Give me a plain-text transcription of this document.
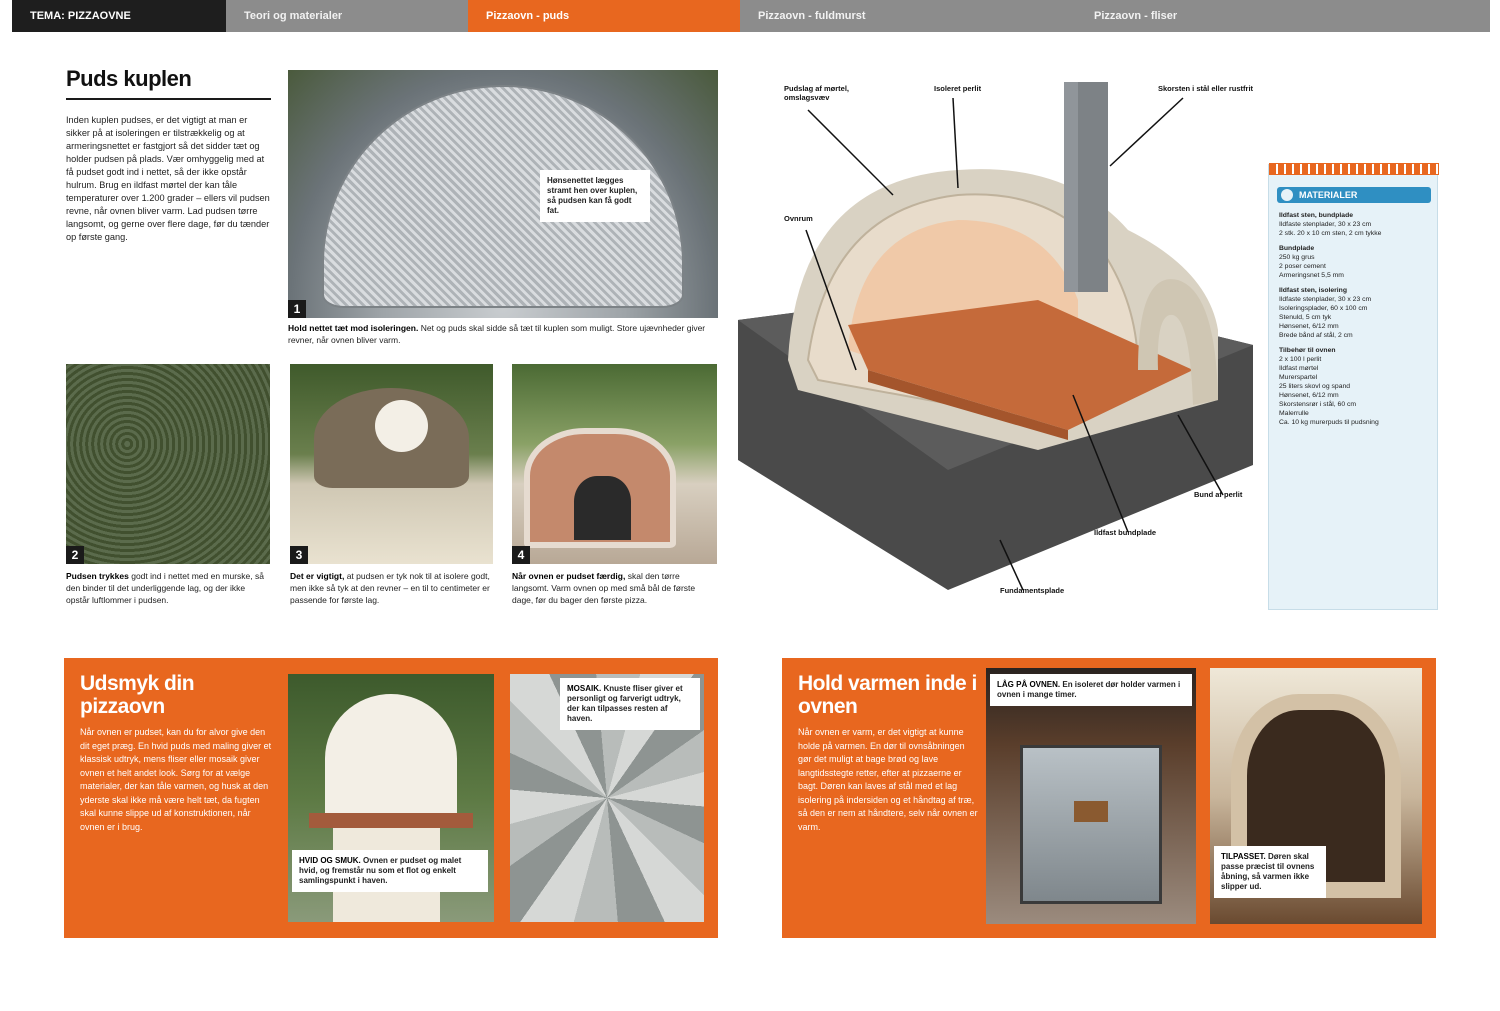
TEMA: PIZZAOVNE	Teori og materialer	Pizzaovn - puds	Pizzaovn - fuldmurst	Pizzaovn - fliser
Puds kuplen
Inden kuplen pudses, er det vigtigt at man er sikker på at isoleringen er tilstrækkelig og at armeringsnettet er fastgjort så det sidder tæt og holder pudsen på plads. Vær omhyggelig med at få pudset godt ind i nettet, så der ikke opstår hulrum. Brug en ildfast mørtel der kan tåle temperaturer over 1.200 grader – ellers vil pudsen revne, når ovnen bliver varm. Lad pudsen tørre langsomt, og gerne over flere dage, før du tænder op første gang.
Hønsenettet lægges stramt hen over kuplen, så pudsen kan få godt fat.
1
Hold nettet tæt mod isoleringen. Net og puds skal sidde så tæt til kuplen som muligt. Store ujævnheder giver revner, når ovnen bliver varm.
2
Pudsen trykkes godt ind i nettet med en murske, så den binder til det underliggende lag, og der ikke opstår luftlommer i pudsen.
3
Det er vigtigt, at pudsen er tyk nok til at isolere godt, men ikke så tyk at den revner – en til to centimeter er passende for første lag.
4
Når ovnen er pudset færdig, skal den tørre langsomt. Varm ovnen op med små bål de første dage, før du bager den første pizza.
Udsmyk din pizzaovn
Når ovnen er pudset, kan du for alvor give den dit eget præg. En hvid puds med maling giver et klassisk udtryk, mens fliser eller mosaik giver ovnen et helt andet look. Sørg for at vælge materialer, der kan tåle varmen, og husk at den yderste skal ikke må være helt tæt, da fugten skal kunne slippe ud af konstruktionen, når ovnen er i brug.
HVID OG SMUK. Ovnen er pudset og malet hvid, og fremstår nu som et flot og enkelt samlingspunkt i haven.
MOSAIK. Knuste fliser giver et personligt og farverigt udtryk, der kan tilpasses resten af haven.
Hold varmen inde i ovnen
Når ovnen er varm, er det vigtigt at kunne holde på varmen. En dør til ovnsåbningen gør det muligt at bage brød og lave langtidsstegte retter, efter at pizzaerne er bagt. Døren kan laves af stål med et lag isolering på indersiden og et håndtag af træ, så den er nem at håndtere, selv når ovnen er varm.
LÅG PÅ OVNEN. En isoleret dør holder varmen i ovnen i mange timer.
TILPASSET. Døren skal passe præcist til ovnens åbning, så varmen ikke slipper ud.
Pudslag af mørtel,
omslagsvæv
Isoleret perlit	Skorsten i stål eller rustfrit
Ovnrum
Bund af perlit
Ildfast bundplade
Fundamentsplade
MATERIALER
Ildfast sten, bundplade
Ildfaste stenplader, 30 x 23 cm
2 stk. 20 x 10 cm sten, 2 cm tykke
Bundplade
250 kg grus
2 poser cement
Armeringsnet 5,5 mm
Ildfast sten, isolering
Ildfaste stenplader, 30 x 23 cm
Isoleringsplader, 60 x 100 cm
Stenuld, 5 cm tyk
Hønsenet, 6/12 mm
Brede bånd af stål, 2 cm
Tilbehør til ovnen
2 x 100 l perlit
Ildfast mørtel
Murerspartel
25 liters skovl og spand
Hønsenet, 6/12 mm
Skorstensrør i stål, 60 cm
Malerrulle
Ca. 10 kg murerpuds til pudsning
